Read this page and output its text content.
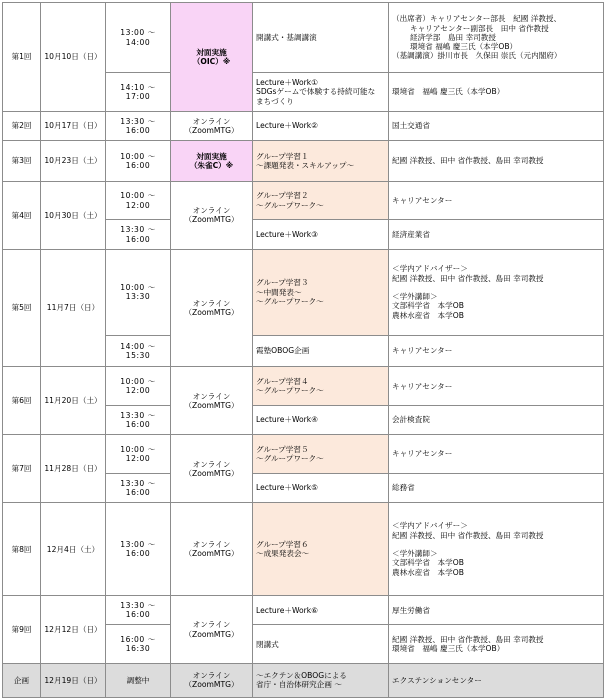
第1回	10月10日（日）	13:00 ～ 14:00	対面実施
（OIC）※	開講式・基調講演	（出席者）キャリアセンター部長　紀國 洋教授、
キャリアセンター副部長　田中 省作教授
経済学部　島田 幸司教授
環境省 福嶋 慶三氏（本学OB）
（基調講演）掛川市長　久保田 崇氏（元内閣府）
		14:10 ～ 17:00		Lecture＋Work①
SDGsゲームで体験する持続可能な
まちづくり	環境省　福嶋 慶三氏（本学OB）
第2回	10月17日（日）	13:30 ～ 16:00	オンライン
（ZoomMTG）	Lecture＋Work②	国土交通省
第3回	10月23日（土）	10:00 ～ 16:00	対面実施
（朱雀C）※	グループ学習１
～課題発表・スキルアップ～	紀國 洋教授、田中 省作教授、島田 幸司教授
第4回	10月30日（土）	10:00 ～ 12:00	オンライン
（ZoomMTG）	グループ学習２
～グループワーク～	キャリアセンター
		13:30 ～ 16:00		Lecture＋Work③	経済産業省
第5回	11月7日（日）	10:00 ～ 13:30	オンライン
（ZoomMTG）	グループ学習３
～中間発表～
～グループワーク～	＜学内アドバイザー＞
紀國 洋教授、田中 省作教授、島田 幸司教授

＜学外講師＞
文部科学省　本学OB
農林水産省　本学OB
		14:00 ～ 15:30		霞塾OBOG企画	キャリアセンター
第6回	11月20日（土）	10:00 ～ 12:00	オンライン
（ZoomMTG）	グループ学習４
～グループワーク～	キャリアセンター
		13:30 ～ 16:00		Lecture＋Work④	会計検査院
第7回	11月28日（日）	10:00 ～ 12:00	オンライン
（ZoomMTG）	グループ学習５
～グループワーク～	キャリアセンター
		13:30 ～ 16:00		Lecture＋Work⑤	総務省
第8回	12月4日（土）	13:00 ～ 16:00	オンライン
（ZoomMTG）	グループ学習６
～成果発表会～	＜学内アドバイザー＞
紀國 洋教授、田中 省作教授、島田 幸司教授

＜学外講師＞
文部科学省　本学OB
農林水産省　本学OB
第9回	12月12日（日）	13:30 ～ 16:00	オンライン
（ZoomMTG）	Lecture＋Work⑥	厚生労働省
		16:00 ～ 16:30		閉講式	紀國 洋教授、田中 省作教授、島田 幸司教授
環境省　福嶋 慶三氏（本学OB）
企画	12月19日（日）	調整中	オンライン
（ZoomMTG）	～エクテン＆OBOGによる
省庁・自治体研究企画 ～	エクステンションセンター
